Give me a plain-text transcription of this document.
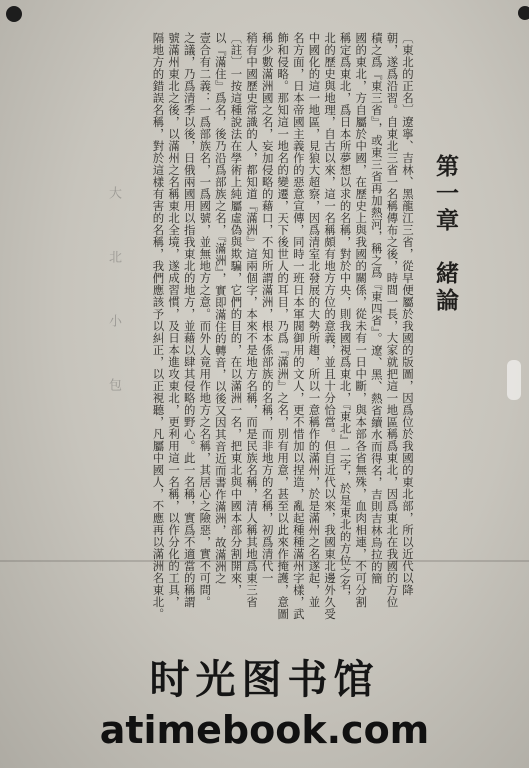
第一章緒論
〔東北的正名〕遼寧、吉林、黑龍江三省，從早便屬於我國的版圖，因爲位於我國的東北部，所以近代以降
朝，遂爲沿習。自東北三省一名稱傳布之後，時間一長，大家就把這一地區稱爲東北，因爲東北在我國的方位
積之爲『東三省』，或東三省再加熱河，稱之爲『東四省』。遼、黑、熱省續水而得名，吉則吉林烏拉的簡
國的東北，方自屬於中國，在歷史上與我國的關係，從未有一日中斷，與本部各省無殊，血肉相連，不可分割
稱定爲東北，爲日本所夢想以求的名稱，對於中央，則我國視爲東北，『東北』二字，於是東北的方位之名，
北的歷史與地理，自古以來，這一名稱頗有地方方位的意義，並且十分恰當。但自近代以來，我國東北邊外久受
中國化的這一地區，見狼大超察，因爲清室北發展的大勢所趨，所以一意稱作的滿州，於是滿州之名遂起，並
名方面，日本帝國主義作的惡意宣傳，同時一班日本軍閥御用的文人，更不惜加以捏造，亂起種種滿州字樣，武
飾和侵略。那知這一地名的變遷，天下後世人的耳目，乃爲『滿洲』之名，別有用意，甚至以此來作掩護，意圖
稱少數滿洲國之名，妄加侵略的藉口，不知所謂滿洲，根本係部族的名稱，而非地方的名稱，初爲清代一
稍有中國歷史常識的人，都知道『滿洲』這兩個字，本來不是地方名稱，而是民族名稱，清人稱其地爲東三省
〔註〕一按這種說法在學術上純屬虛偽與欺騙，它們的目的，在以滿洲一名，把東北與中國本部分割開來，
以『滿住』爲名，後乃沿爲部族之名，『滿洲』，實即滿住的轉音，以後又因其音近而書作滿洲，故滿洲之
壹合有二義：一爲部族名，一爲國號，並無地方之意。而外人竟用作地方之名稱，其居心之險惡，實不可問。
之議，乃爲清季以後，日俄兩國用以指我東北的地方，並藉以肆其侵略的野心。此一名稱，實爲不適當的稱謂
號滿州東北之後，以滿州之名稱東北全境，遂成習慣，及日本進攻東北，更利用這一名稱，以作分化的工具，
隔地方的錯誤名稱，對於這樣有害的名稱，我們應該予以糾正，以正視聽，凡屬中國人，不應再以滿洲名東北。
大 北 小 包
时光图书馆
atimebook.com
